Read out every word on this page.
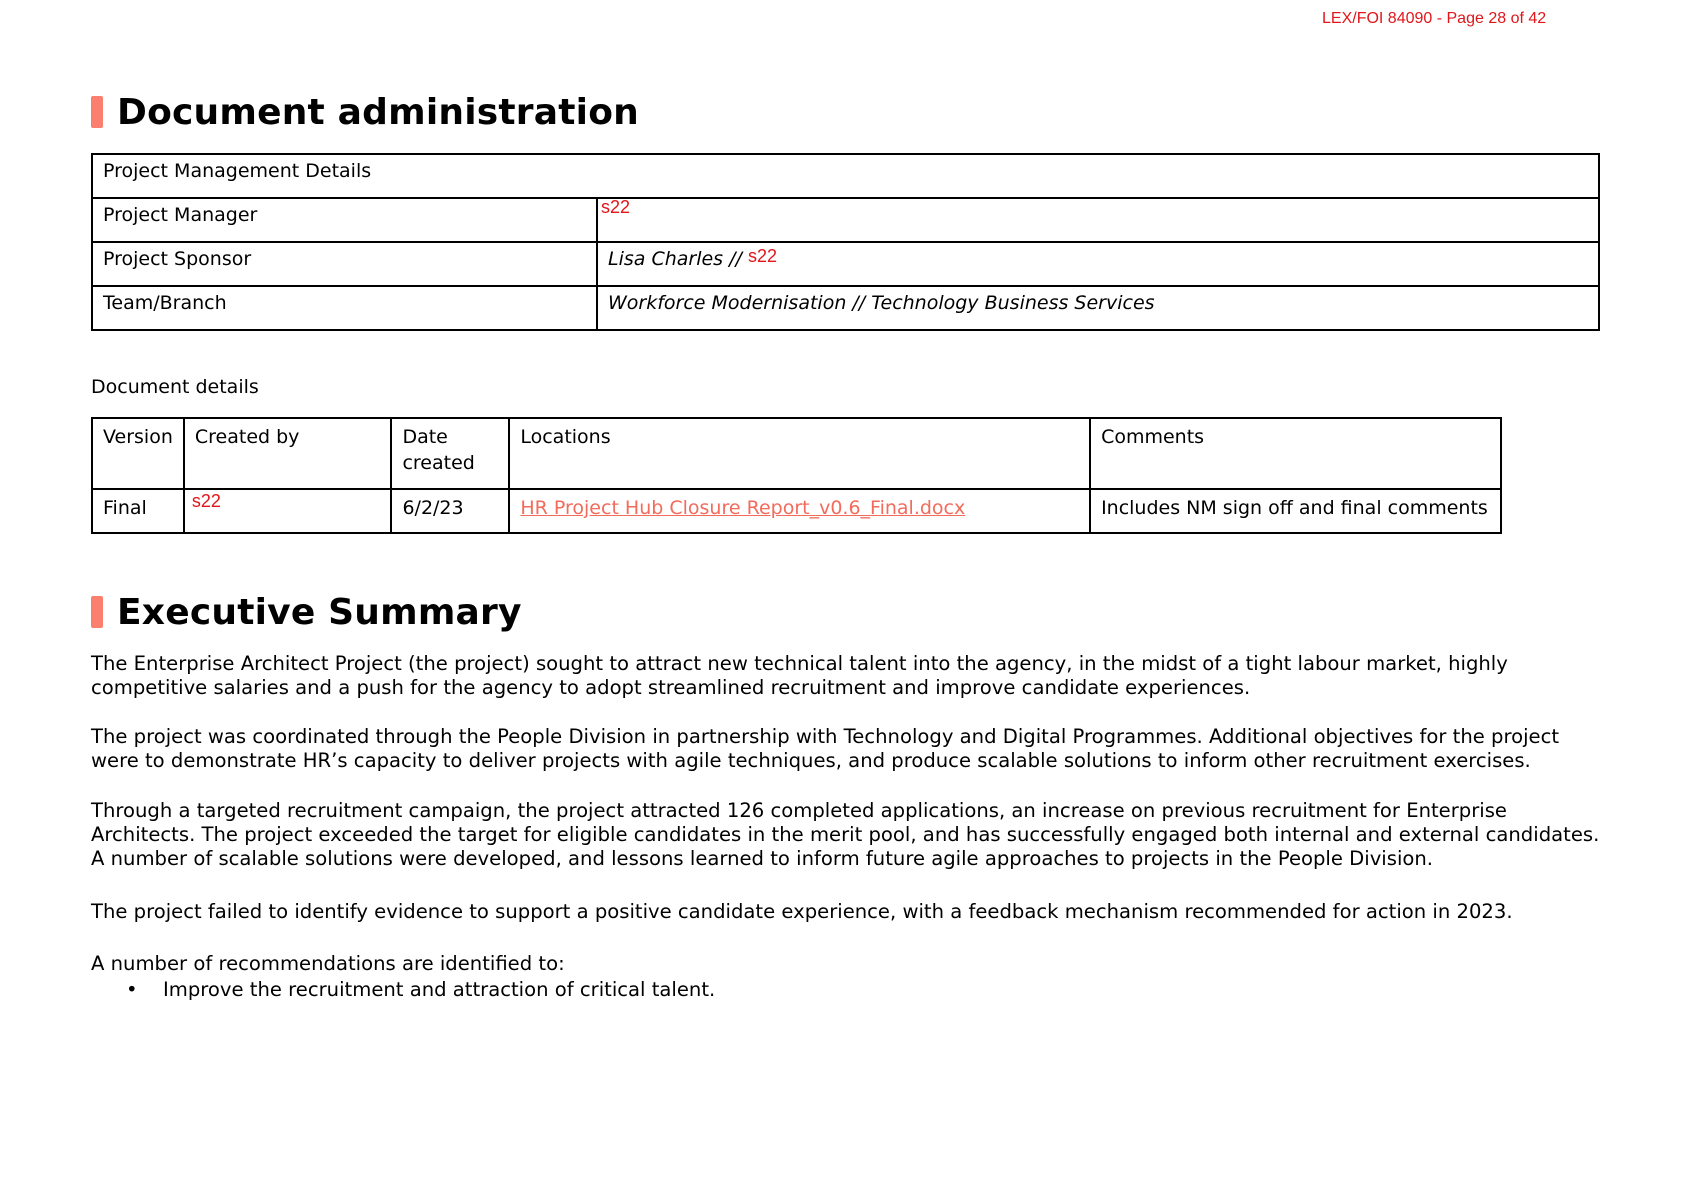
LEX/FOI 84090 - Page 28 of 42
Document administration
Project Management Details	
Project Manager	s22

Project Sponsor	Lisa Charles // s22
Team/Branch	Workforce Modernisation // Technology Business Services
Document details
Version	Created by	Date created	Locations	Comments
Final	s22	6/2/23	HR Project Hub Closure Report_v0.6_Final.docx	Includes NM sign off and final comments
Executive Summary

The Enterprise Architect Project (the project) sought to attract new technical talent into the agency, in the midst of a tight labour market, highly competitive salaries and a push for the agency to adopt streamlined recruitment and improve candidate experiences.

The project was coordinated through the People Division in partnership with Technology and Digital Programmes. Additional objectives for the project were to demonstrate HR’s capacity to deliver projects with agile techniques, and produce scalable solutions to inform other recruitment exercises.

Through a targeted recruitment campaign, the project attracted 126 completed applications, an increase on previous recruitment for Enterprise Architects. The project exceeded the target for eligible candidates in the merit pool, and has successfully engaged both internal and external candidates. A number of scalable solutions were developed, and lessons learned to inform future agile approaches to projects in the People Division.

The project failed to identify evidence to support a positive candidate experience, with a feedback mechanism recommended for action in 2023.

A number of recommendations are identified to:

• Improve the recruitment and attraction of critical talent.
